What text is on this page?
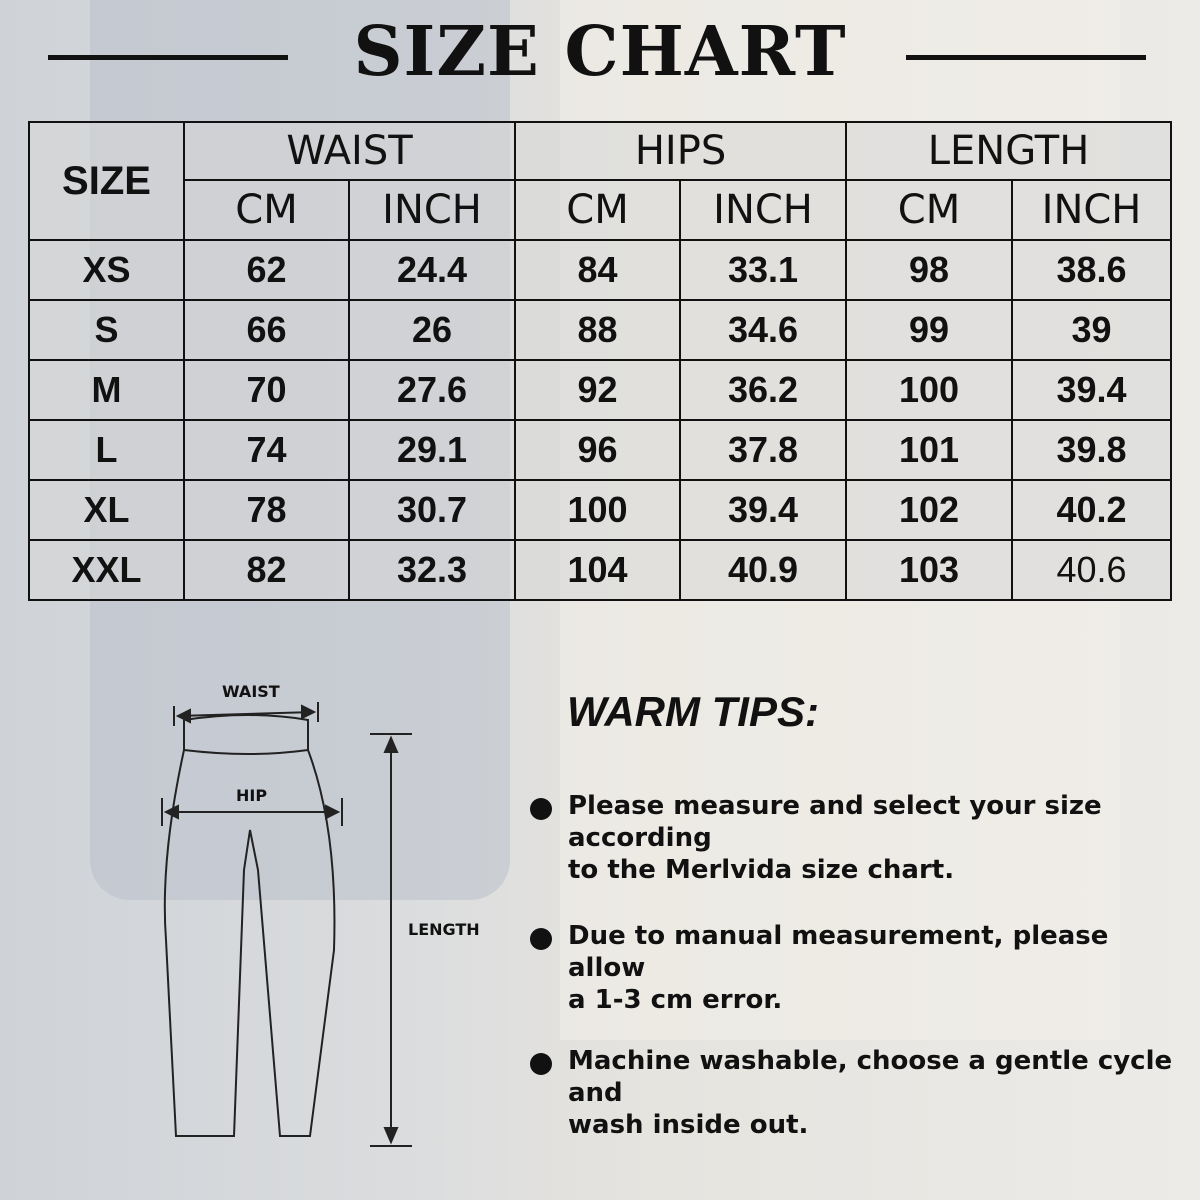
SIZE CHART
SIZE	WAIST		HIPS		LENGTH	
	CM	INCH	CM	INCH	CM	INCH
XS	62	24.4	84	33.1	98	38.6
S	66	26	88	34.6	99	39
M	70	27.6	92	36.2	100	39.4
L	74	29.1	96	37.8	101	39.8
XL	78	30.7	100	39.4	102	40.2
XXL	82	32.3	104	40.9	103	40.6
WAIST
HIP
LENGTH
WARM TIPS:
Please measure and select your size according
to the Merlvida size chart.
Due to manual measurement, please allow
a 1-3 cm error.
Machine washable, choose a gentle cycle and
wash inside out.
